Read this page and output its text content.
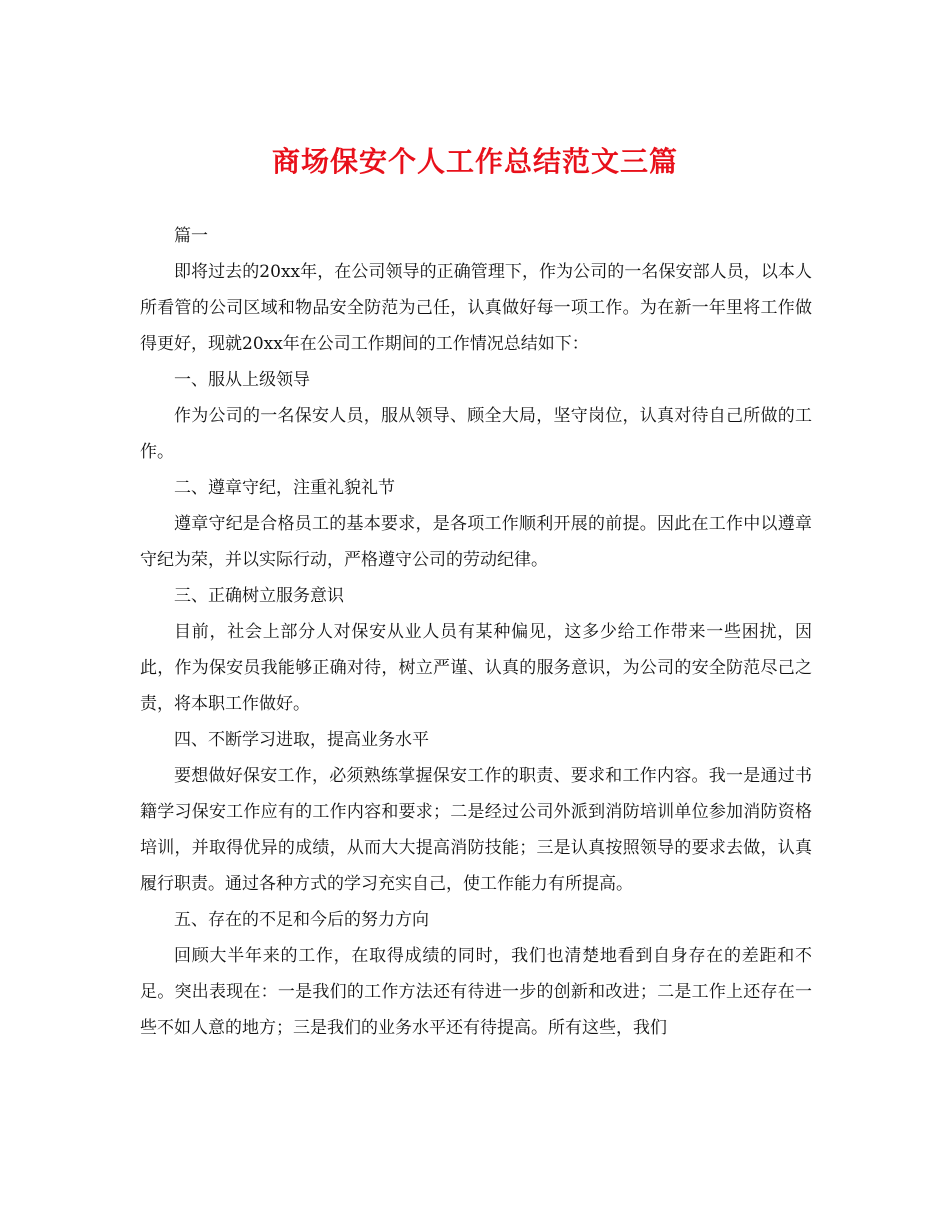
商场保安个人工作总结范文三篇

篇一

即将过去的20xx年，在公司领导的正确管理下，作为公司的一名保安部人员，以本人所看管的公司区域和物品安全防范为己任，认真做好每一项工作。为在新一年里将工作做得更好，现就20xx年在公司工作期间的工作情况总结如下：

一、服从上级领导

作为公司的一名保安人员，服从领导、顾全大局，坚守岗位，认真对待自己所做的工作。

二、遵章守纪，注重礼貌礼节

遵章守纪是合格员工的基本要求，是各项工作顺利开展的前提。因此在工作中以遵章守纪为荣，并以实际行动，严格遵守公司的劳动纪律。

三、正确树立服务意识

目前，社会上部分人对保安从业人员有某种偏见，这多少给工作带来一些困扰，因此，作为保安员我能够正确对待，树立严谨、认真的服务意识，为公司的安全防范尽己之责，将本职工作做好。

四、不断学习进取，提高业务水平

要想做好保安工作，必须熟练掌握保安工作的职责、要求和工作内容。我一是通过书籍学习保安工作应有的工作内容和要求；二是经过公司外派到消防培训单位参加消防资格培训，并取得优异的成绩，从而大大提高消防技能；三是认真按照领导的要求去做，认真履行职责。通过各种方式的学习充实自己，使工作能力有所提高。

五、存在的不足和今后的努力方向

回顾大半年来的工作，在取得成绩的同时，我们也清楚地看到自身存在的差距和不足。突出表现在：一是我们的工作方法还有待进一步的创新和改进；二是工作上还存在一些不如人意的地方；三是我们的业务水平还有待提高。所有这些，我们
